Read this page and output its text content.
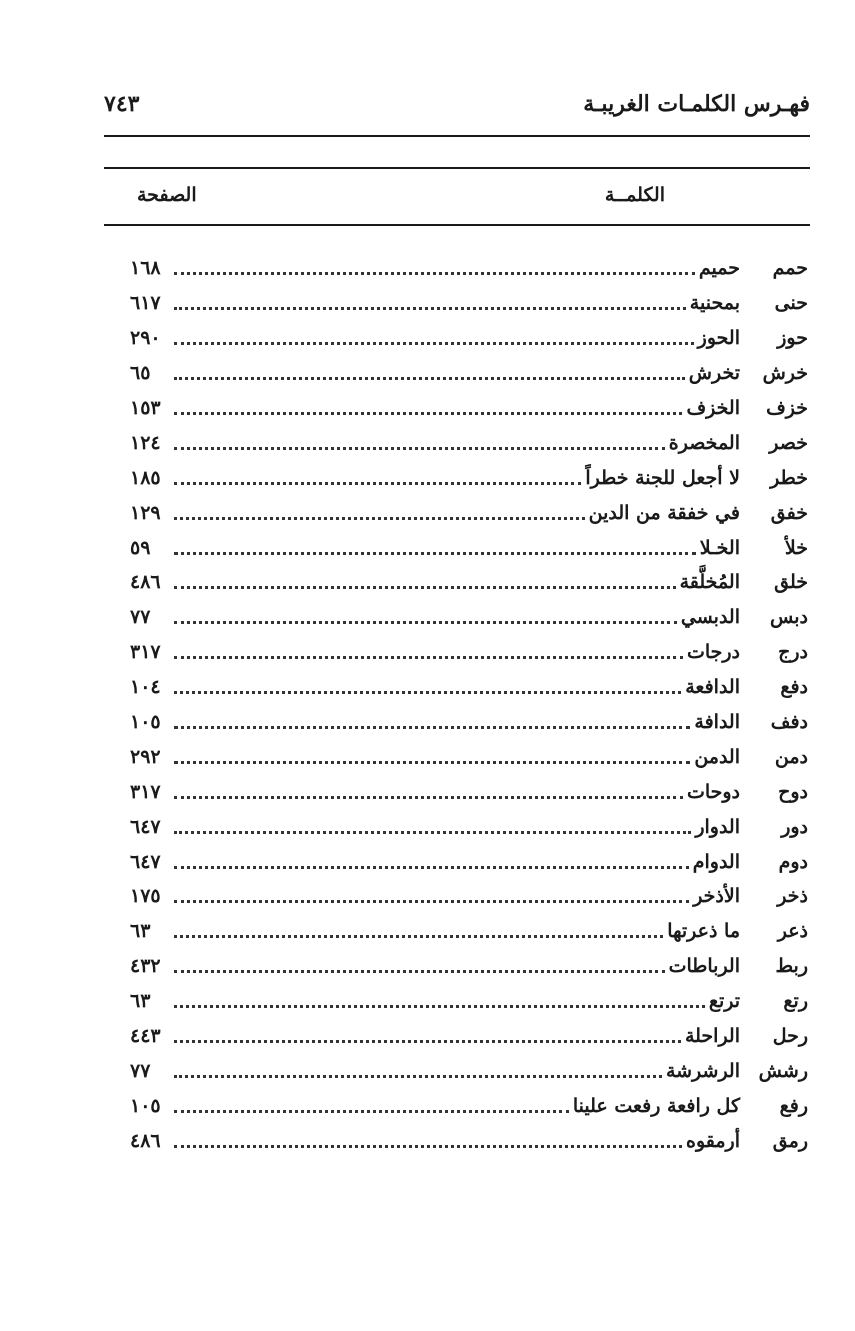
فهـرس الكلمـات الغريبـة
٧٤٣
الكلمــة
الصفحة
حمم
حميم
١٦٨
حنى
بمحنية
٦١٧
حوز
الحوز
٢٩٠
خرش
تخرش
٦٥
خزف
الخزف
١٥٣
خصر
المخصرة
١٢٤
خطر
لا أجعل للجنة خطراً
١٨٥
خفق
في خفقة من الدين
١٢٩
خلأ
الخـلا
٥٩
خلق
المُخلَّقة
٤٨٦
دبس
الدبسي
٧٧
درج
درجات
٣١٧
دفع
الدافعة
١٠٤
دفف
الدافة
١٠٥
دمن
الدمن
٢٩٢
دوح
دوحات
٣١٧
دور
الدوار
٦٤٧
دوم
الدوام
٦٤٧
ذخر
الأذخر
١٧٥
ذعر
ما ذعرتها
٦٣
ربط
الرباطات
٤٣٢
رتع
ترتع
٦٣
رحل
الراحلة
٤٤٣
رشش
الرشرشة
٧٧
رفع
كل رافعة رفعت علينا
١٠٥
رمق
أرمقوه
٤٨٦
